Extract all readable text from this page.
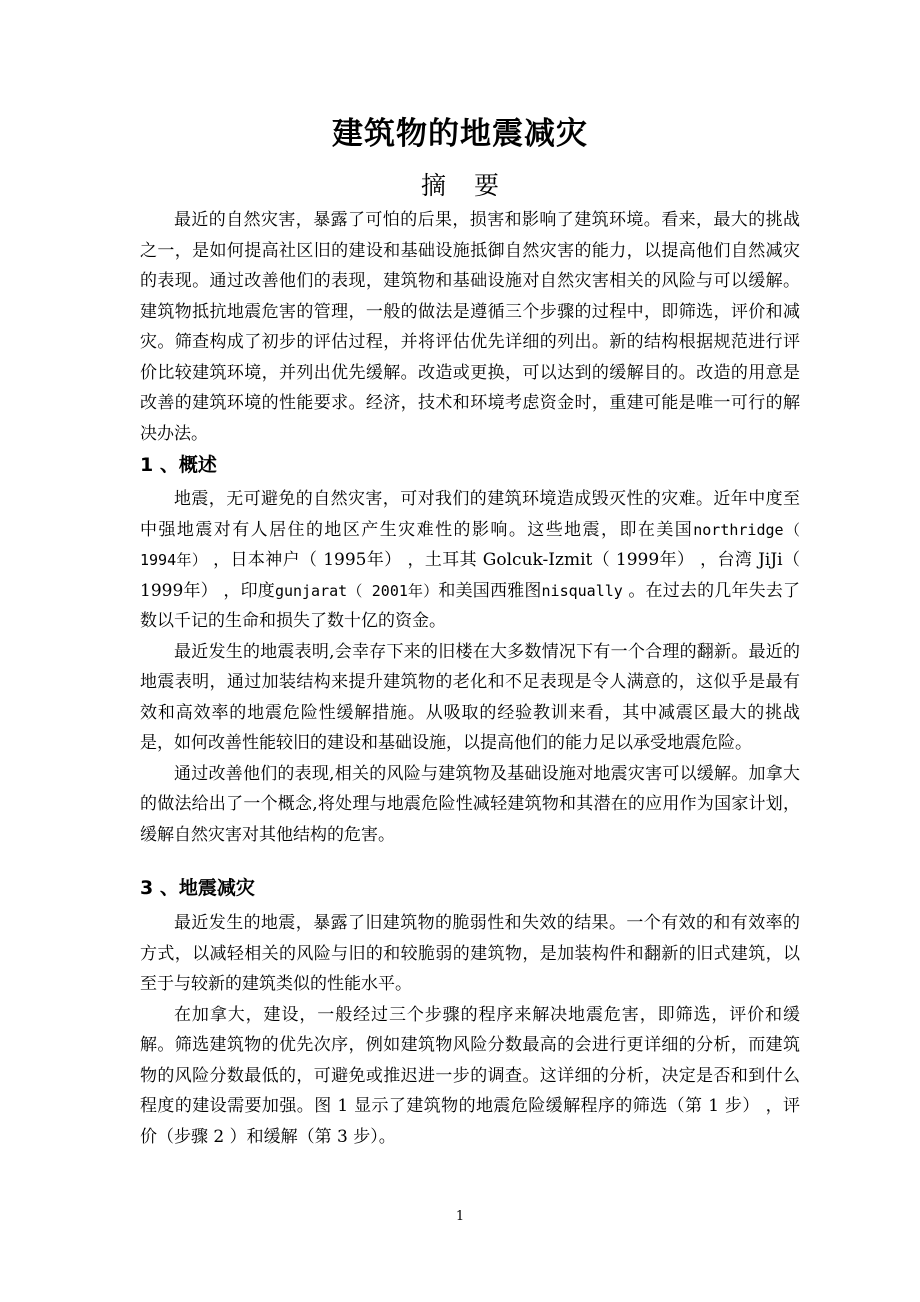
建筑物的地震减灾
摘 要

最近的自然灾害，暴露了可怕的后果，损害和影响了建筑环境。看来，最大的挑战之一，是如何提高社区旧的建设和基础设施抵御自然灾害的能力，以提高他们自然减灾的表现。通过改善他们的表现，建筑物和基础设施对自然灾害相关的风险与可以缓解。建筑物抵抗地震危害的管理，一般的做法是遵循三个步骤的过程中，即筛选，评价和减灾。筛查构成了初步的评估过程，并将评估优先详细的列出。新的结构根据规范进行评价比较建筑环境，并列出优先缓解。改造或更换，可以达到的缓解目的。改造的用意是改善的建筑环境的性能要求。经济，技术和环境考虑资金时，重建可能是唯一可行的解决办法。

1 、概述

地震，无可避免的自然灾害，可对我们的建筑环境造成毁灭性的灾难。近年中度至中强地震对有人居住的地区产生灾难性的影响。这些地震，即在美国northridge（ 1994年） ，日本神户（ 1995年） ，土耳其 Golcuk-Izmit（ 1999年） ，台湾 JiJi（ 1999年） ，印度gunjarat（ 2001年）和美国西雅图nisqually 。在过去的几年失去了数以千记的生命和损失了数十亿的资金。

最近发生的地震表明,会幸存下来的旧楼在大多数情况下有一个合理的翻新。最近的地震表明，通过加装结构来提升建筑物的老化和不足表现是令人满意的，这似乎是最有效和高效率的地震危险性缓解措施。从吸取的经验教训来看，其中减震区最大的挑战是，如何改善性能较旧的建设和基础设施，以提高他们的能力足以承受地震危险。

通过改善他们的表现,相关的风险与建筑物及基础设施对地震灾害可以缓解。加拿大的做法给出了一个概念,将处理与地震危险性减轻建筑物和其潜在的应用作为国家计划，缓解自然灾害对其他结构的危害。

3 、地震减灾

最近发生的地震，暴露了旧建筑物的脆弱性和失效的结果。一个有效的和有效率的方式，以减轻相关的风险与旧的和较脆弱的建筑物，是加装构件和翻新的旧式建筑，以至于与较新的建筑类似的性能水平。

在加拿大，建设，一般经过三个步骤的程序来解决地震危害，即筛选，评价和缓解。筛选建筑物的优先次序，例如建筑物风险分数最高的会进行更详细的分析，而建筑物的风险分数最低的，可避免或推迟进一步的调查。这详细的分析，决定是否和到什么程度的建设需要加强。图 1 显示了建筑物的地震危险缓解程序的筛选（第 1 步） ，评价（步骤 2 ）和缓解（第 3 步）。

1
